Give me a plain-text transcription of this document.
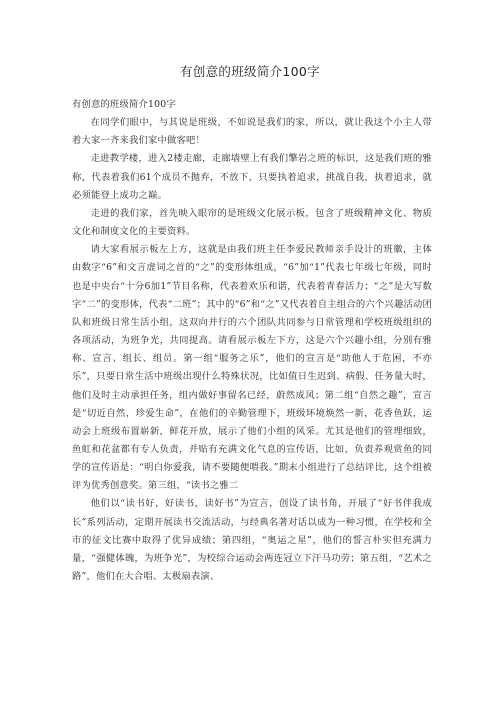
有创意的班级简介100字

有创意的班级简介100字

在同学们眼中，与其说是班级，不如说是我们的家，所以，就让我这个小主人带着大家一齐来我们家中做客吧！

走进教学楼，进入2楼走廊，走廊墙壁上有我们擎岩之班的标识，这是我们班的雅称，代表着我们61个成员不抛弃，不放下，只要执着追求，挑战自我，执着追求，就必须能登上成功之巅。

走进的我们家，首先映入眼帘的是班级文化展示板，包含了班级精神文化、物质文化和制度文化的主要资料。

请大家看展示板左上方，这就是由我们班主任李爱民教师亲手设计的班徽，主体由数字“6”和文言虚词之首的“之”的变形体组成，“6”加“1”代表七年级七年级，同时也是中央台“十分6加1”节目名称，代表着欢乐和谐，代表着青春活力；“之”是大写数字“二”的变形体，代表“二班”；其中的“6”和“之”又代表着自主组合的六个兴趣活动团队和班级日常生活小组，这双向并行的六个团队共同参与日常管理和学校班级组织的各项活动，为班争光，共同提高。请看展示板左下方，这是六个兴趣小组，分别有雅称、宣言、组长、组员。第一组“服务之乐”，他们的宣言是“助他人于危困，不亦乐”，只要日常生活中班级出现什么特殊状况，比如值日生迟到、病假、任务量大时，他们及时主动承担任务，组内做好事留名已经，蔚然成风；第二组“自然之趣”，宣言是“切近自然，珍爱生命”，在他们的辛勤管理下，班级环境焕然一新，花香鱼跃，运动会上班级布置崭新，鲜花开放，展示了他们小组的风采。尤其是他们的管理细致，鱼虹和花盆都有专人负责，并贴有充满文化气息的宣传语，比如，负责养观赏鱼的同学的宣传语是：“明白你爱我，请不要随便喂我。”期末小组进行了总结评比，这个组被评为优秀创意奖。第三组，“读书之雅二

他们以“读书好，好读书，读好书”为宣言，创设了读书角，开展了“好书伴我成长”系列活动，定期开展读书交流活动，与经典名著对话以成为一种习惯，在学校和全市的征文比赛中取得了优异成绩；第四组，“奥运之星”，他们的誓言朴实但充满力量，“强健体魄，为班争光”，为校综合运动会两连冠立下汗马功劳；第五组，“艺术之路”，他们在大合唱、太极扇表演、
